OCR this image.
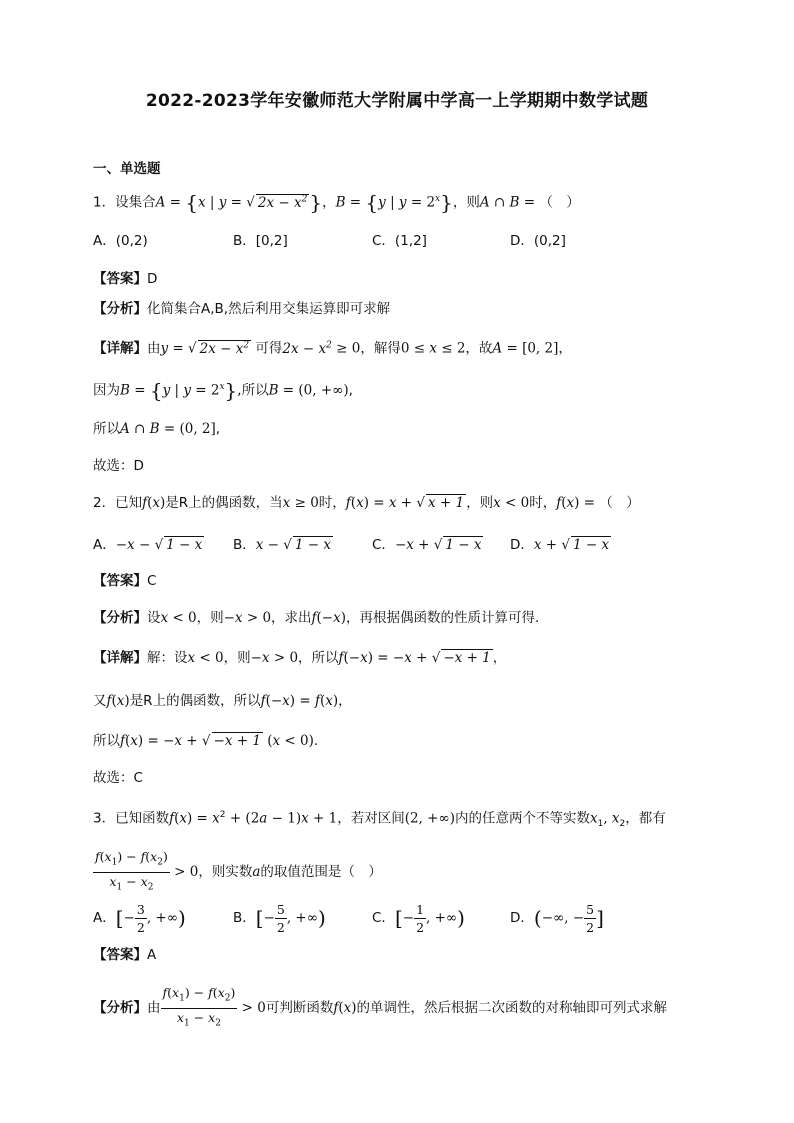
2022-2023学年安徽师范大学附属中学高一上学期期中数学试题
一、单选题
1．设集合A = {x | y = √ $2x - x^2$ }，B = {y | $y = 2^x$}，则A ∩ B = （　）
A．(0,2)	B．[0,2]	C．(1,2]	D．(0,2]
【答案】D
【分析】化简集合A,B,然后利用交集运算即可求解
【详解】由y = √ $2x - x^2$ 可得$2x - x^2 \ge 0$，解得0 ≤ x ≤ 2，故A = [0, 2]，
因为B = {y | $y = 2^x$},所以B = (0, +∞),
所以A ∩ B = (0, 2],
故选：D
2．已知f(x)是R上的偶函数，当x ≥ 0时，f(x) = x + √ x + 1 ，则x < 0时，f(x) = （　）
A．−x − √ 1 − x B．x − √ 1 − x	C．−x + √ 1 − x D．x + √ 1 − x
【答案】C
【分析】设x < 0，则−x > 0，求出f(−x)，再根据偶函数的性质计算可得.
【详解】解：设x < 0，则−x > 0，所以f(−x) = −x + √ −x + 1 ，
又f(x)是R上的偶函数，所以f(−x) = f(x)，
所以f(x) = −x + √ −x + 1 (x < 0).
故选：C
3．已知函数$f(x) = x^2 + (2a - 1)x + 1$，若对区间(2, +∞)内的任意两个不等实数$x_1$, $x_2$，都有
$\frac{f(x_1) - f(x_2)}{x_1 - x_2} > 0$，则实数a的取值范围是（　）
A．[− $\frac{3}{2}$ , +∞)	B．[− $\frac{5}{2}$ , +∞)	C．[− $\frac{1}{2}$ , +∞)	D．(−∞, − $\frac{5}{2}$ ]
【答案】A
【分析】由 $\frac{f(x_1) - f(x_2)}{x_1 - x_2} > 0$可判断函数f(x)的单调性，然后根据二次函数的对称轴即可列式求解
